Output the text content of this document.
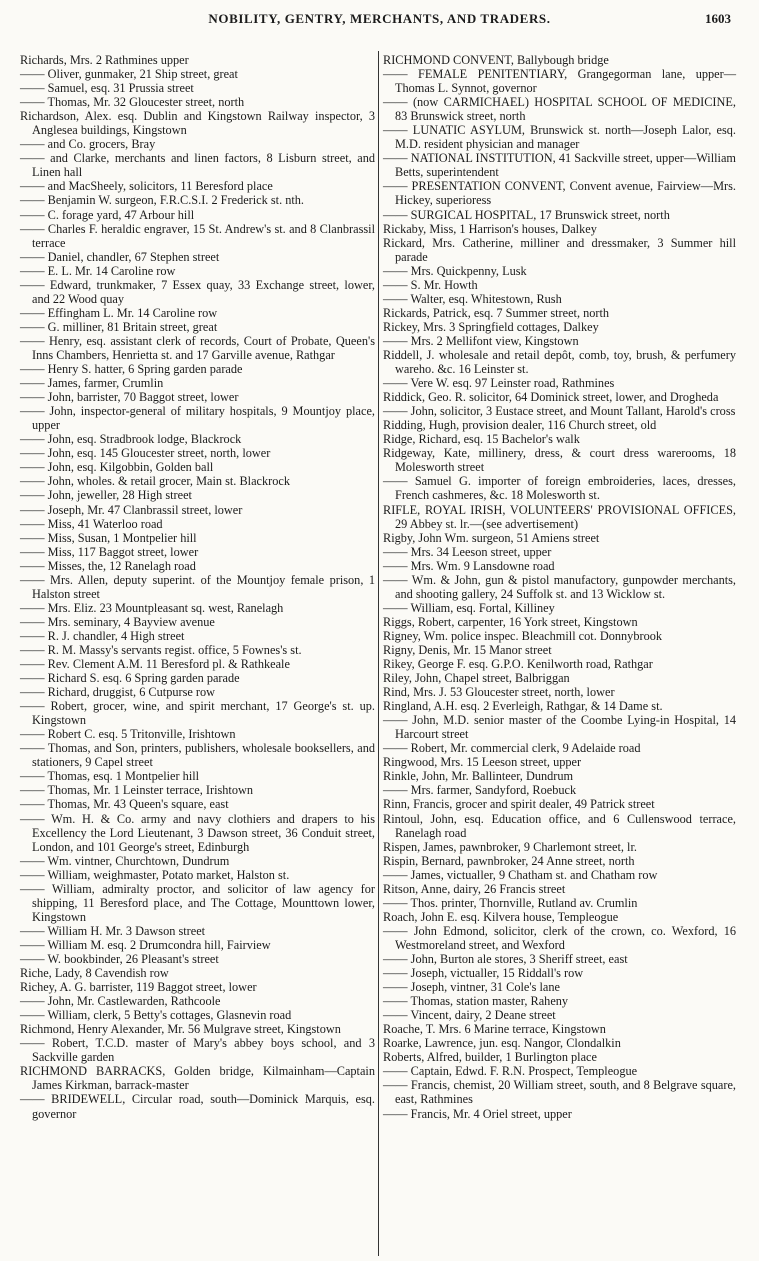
NOBILITY, GENTRY, MERCHANTS, AND TRADERS.	1603
Richards, Mrs. 2 Rathmines upper
—— Oliver, gunmaker, 21 Ship street, great
—— Samuel, esq. 31 Prussia street
—— Thomas, Mr. 32 Gloucester street, north
Richardson, Alex. esq. Dublin and Kingstown Railway inspector, 3 Anglesea buildings, Kingstown
—— and Co. grocers, Bray
—— and Clarke, merchants and linen factors, 8 Lisburn street, and Linen hall
—— and MacSheely, solicitors, 11 Beresford place
—— Benjamin W. surgeon, F.R.C.S.I. 2 Frederick st. nth.
—— C. forage yard, 47 Arbour hill
—— Charles F. heraldic engraver, 15 St. Andrew's st. and 8 Clanbrassil terrace
—— Daniel, chandler, 67 Stephen street
—— E. L. Mr. 14 Caroline row
—— Edward, trunkmaker, 7 Essex quay, 33 Exchange street, lower, and 22 Wood quay
—— Effingham L. Mr. 14 Caroline row
—— G. milliner, 81 Britain street, great
—— Henry, esq. assistant clerk of records, Court of Probate, Queen's Inns Chambers, Henrietta st. and 17 Garville avenue, Rathgar
—— Henry S. hatter, 6 Spring garden parade
—— James, farmer, Crumlin
—— John, barrister, 70 Baggot street, lower
—— John, inspector-general of military hospitals, 9 Mountjoy place, upper
—— John, esq. Stradbrook lodge, Blackrock
—— John, esq. 145 Gloucester street, north, lower
—— John, esq. Kilgobbin, Golden ball
—— John, wholes. & retail grocer, Main st. Blackrock
—— John, jeweller, 28 High street
—— Joseph, Mr. 47 Clanbrassil street, lower
—— Miss, 41 Waterloo road
—— Miss, Susan, 1 Montpelier hill
—— Miss, 117 Baggot street, lower
—— Misses, the, 12 Ranelagh road
—— Mrs. Allen, deputy superint. of the Mountjoy female prison, 1 Halston street
—— Mrs. Eliz. 23 Mountpleasant sq. west, Ranelagh
—— Mrs. seminary, 4 Bayview avenue
—— R. J. chandler, 4 High street
—— R. M. Massy's servants regist. office, 5 Fownes's st.
—— Rev. Clement A.M. 11 Beresford pl. & Rathkeale
—— Richard S. esq. 6 Spring garden parade
—— Richard, druggist, 6 Cutpurse row
—— Robert, grocer, wine, and spirit merchant, 17 George's st. up. Kingstown
—— Robert C. esq. 5 Tritonville, Irishtown
—— Thomas, and Son, printers, publishers, wholesale booksellers, and stationers, 9 Capel street
—— Thomas, esq. 1 Montpelier hill
—— Thomas, Mr. 1 Leinster terrace, Irishtown
—— Thomas, Mr. 43 Queen's square, east
—— Wm. H. & Co. army and navy clothiers and drapers to his Excellency the Lord Lieutenant, 3 Dawson street, 36 Conduit street, London, and 101 George's street, Edinburgh
—— Wm. vintner, Churchtown, Dundrum
—— William, weighmaster, Potato market, Halston st.
—— William, admiralty proctor, and solicitor of law agency for shipping, 11 Beresford place, and The Cottage, Mounttown lower, Kingstown
—— William H. Mr. 3 Dawson street
—— William M. esq. 2 Drumcondra hill, Fairview
—— W. bookbinder, 26 Pleasant's street
Riche, Lady, 8 Cavendish row
Richey, A. G. barrister, 119 Baggot street, lower
—— John, Mr. Castlewarden, Rathcoole
—— William, clerk, 5 Betty's cottages, Glasnevin road
Richmond, Henry Alexander, Mr. 56 Mulgrave street, Kingstown
—— Robert, T.C.D. master of Mary's abbey boys school, and 3 Sackville garden
RICHMOND BARRACKS, Golden bridge, Kilmainham—Captain James Kirkman, barrack-master
—— BRIDEWELL, Circular road, south—Dominick Marquis, esq. governor
RICHMOND CONVENT, Ballybough bridge
—— FEMALE PENITENTIARY, Grangegorman lane, upper—Thomas L. Synnot, governor
—— (now CARMICHAEL) HOSPITAL SCHOOL OF MEDICINE, 83 Brunswick street, north
—— LUNATIC ASYLUM, Brunswick st. north—Joseph Lalor, esq. M.D. resident physician and manager
—— NATIONAL INSTITUTION, 41 Sackville street, upper—William Betts, superintendent
—— PRESENTATION CONVENT, Convent avenue, Fairview—Mrs. Hickey, superioress
—— SURGICAL HOSPITAL, 17 Brunswick street, north
Rickaby, Miss, 1 Harrison's houses, Dalkey
Rickard, Mrs. Catherine, milliner and dressmaker, 3 Summer hill parade
—— Mrs. Quickpenny, Lusk
—— S. Mr. Howth
—— Walter, esq. Whitestown, Rush
Rickards, Patrick, esq. 7 Summer street, north
Rickey, Mrs. 3 Springfield cottages, Dalkey
—— Mrs. 2 Mellifont view, Kingstown
Riddell, J. wholesale and retail depôt, comb, toy, brush, & perfumery wareho. &c. 16 Leinster st.
—— Vere W. esq. 97 Leinster road, Rathmines
Riddick, Geo. R. solicitor, 64 Dominick street, lower, and Drogheda
—— John, solicitor, 3 Eustace street, and Mount Tallant, Harold's cross
Ridding, Hugh, provision dealer, 116 Church street, old
Ridge, Richard, esq. 15 Bachelor's walk
Ridgeway, Kate, millinery, dress, & court dress warerooms, 18 Molesworth street
—— Samuel G. importer of foreign embroideries, laces, dresses, French cashmeres, &c. 18 Molesworth st.
RIFLE, ROYAL IRISH, VOLUNTEERS' PROVISIONAL OFFICES, 29 Abbey st. lr.—(see advertisement)
Rigby, John Wm. surgeon, 51 Amiens street
—— Mrs. 34 Leeson street, upper
—— Mrs. Wm. 9 Lansdowne road
—— Wm. & John, gun & pistol manufactory, gunpowder merchants, and shooting gallery, 24 Suffolk st. and 13 Wicklow st.
—— William, esq. Fortal, Killiney
Riggs, Robert, carpenter, 16 York street, Kingstown
Rigney, Wm. police inspec. Bleachmill cot. Donnybrook
Rigny, Denis, Mr. 15 Manor street
Rikey, George F. esq. G.P.O. Kenilworth road, Rathgar
Riley, John, Chapel street, Balbriggan
Rind, Mrs. J. 53 Gloucester street, north, lower
Ringland, A.H. esq. 2 Everleigh, Rathgar, & 14 Dame st.
—— John, M.D. senior master of the Coombe Lying-in Hospital, 14 Harcourt street
—— Robert, Mr. commercial clerk, 9 Adelaide road
Ringwood, Mrs. 15 Leeson street, upper
Rinkle, John, Mr. Ballinteer, Dundrum
—— Mrs. farmer, Sandyford, Roebuck
Rinn, Francis, grocer and spirit dealer, 49 Patrick street
Rintoul, John, esq. Education office, and 6 Cullenswood terrace, Ranelagh road
Rispen, James, pawnbroker, 9 Charlemont street, lr.
Rispin, Bernard, pawnbroker, 24 Anne street, north
—— James, victualler, 9 Chatham st. and Chatham row
Ritson, Anne, dairy, 26 Francis street
—— Thos. printer, Thornville, Rutland av. Crumlin
Roach, John E. esq. Kilvera house, Templeogue
—— John Edmond, solicitor, clerk of the crown, co. Wexford, 16 Westmoreland street, and Wexford
—— John, Burton ale stores, 3 Sheriff street, east
—— Joseph, victualler, 15 Riddall's row
—— Joseph, vintner, 31 Cole's lane
—— Thomas, station master, Raheny
—— Vincent, dairy, 2 Deane street
Roache, T. Mrs. 6 Marine terrace, Kingstown
Roarke, Lawrence, jun. esq. Nangor, Clondalkin
Roberts, Alfred, builder, 1 Burlington place
—— Captain, Edwd. F. R.N. Prospect, Templeogue
—— Francis, chemist, 20 William street, south, and 8 Belgrave square, east, Rathmines
—— Francis, Mr. 4 Oriel street, upper
